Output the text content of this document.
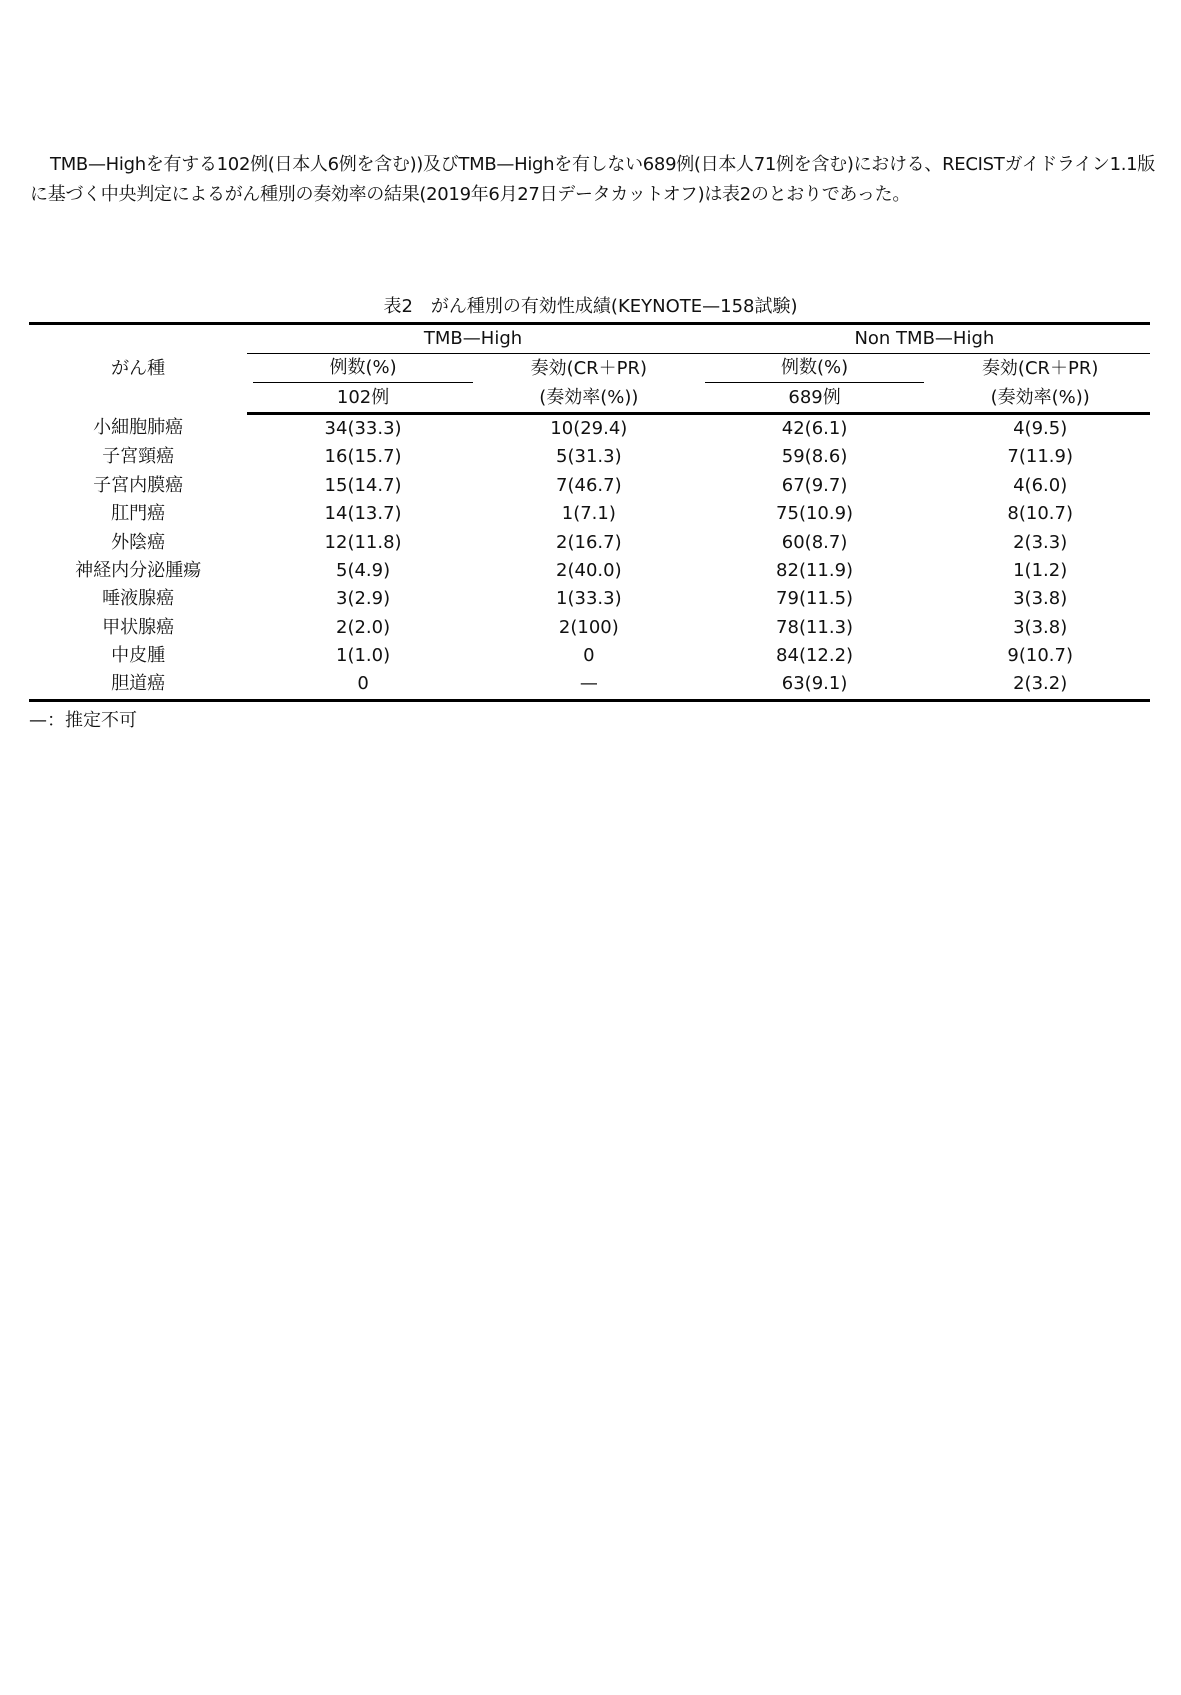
TMB—Highを有する102例(日本人6例を含む))及びTMB—Highを有しない689例(日本人71例を含む)における、RECISTガイドライン1.1版に基づく中央判定によるがん種別の奏効率の結果(2019年6月27日データカットオフ)は表2のとおりであった。

表2　がん種別の有効性成績(KEYNOTE—158試験)
がん種	TMB—High		Non TMB—High	

	例数(%)	奏効(CR＋PR)	例数(%)	奏効(CR＋PR)
	102例	(奏効率(%))	689例	(奏効率(%))
小細胞肺癌	34(33.3)	10(29.4)	42(6.1)	4(9.5)
子宮頸癌	16(15.7)	5(31.3)	59(8.6)	7(11.9)
子宮内膜癌	15(14.7)	7(46.7)	67(9.7)	4(6.0)
肛門癌	14(13.7)	1(7.1)	75(10.9)	8(10.7)
外陰癌	12(11.8)	2(16.7)	60(8.7)	2(3.3)
神経内分泌腫瘍	5(4.9)	2(40.0)	82(11.9)	1(1.2)
唾液腺癌	3(2.9)	1(33.3)	79(11.5)	3(3.8)
甲状腺癌	2(2.0)	2(100)	78(11.3)	3(3.8)
中皮腫	1(1.0)	0	84(12.2)	9(10.7)
胆道癌	0	—	63(9.1)	2(3.2)
—：推定不可
